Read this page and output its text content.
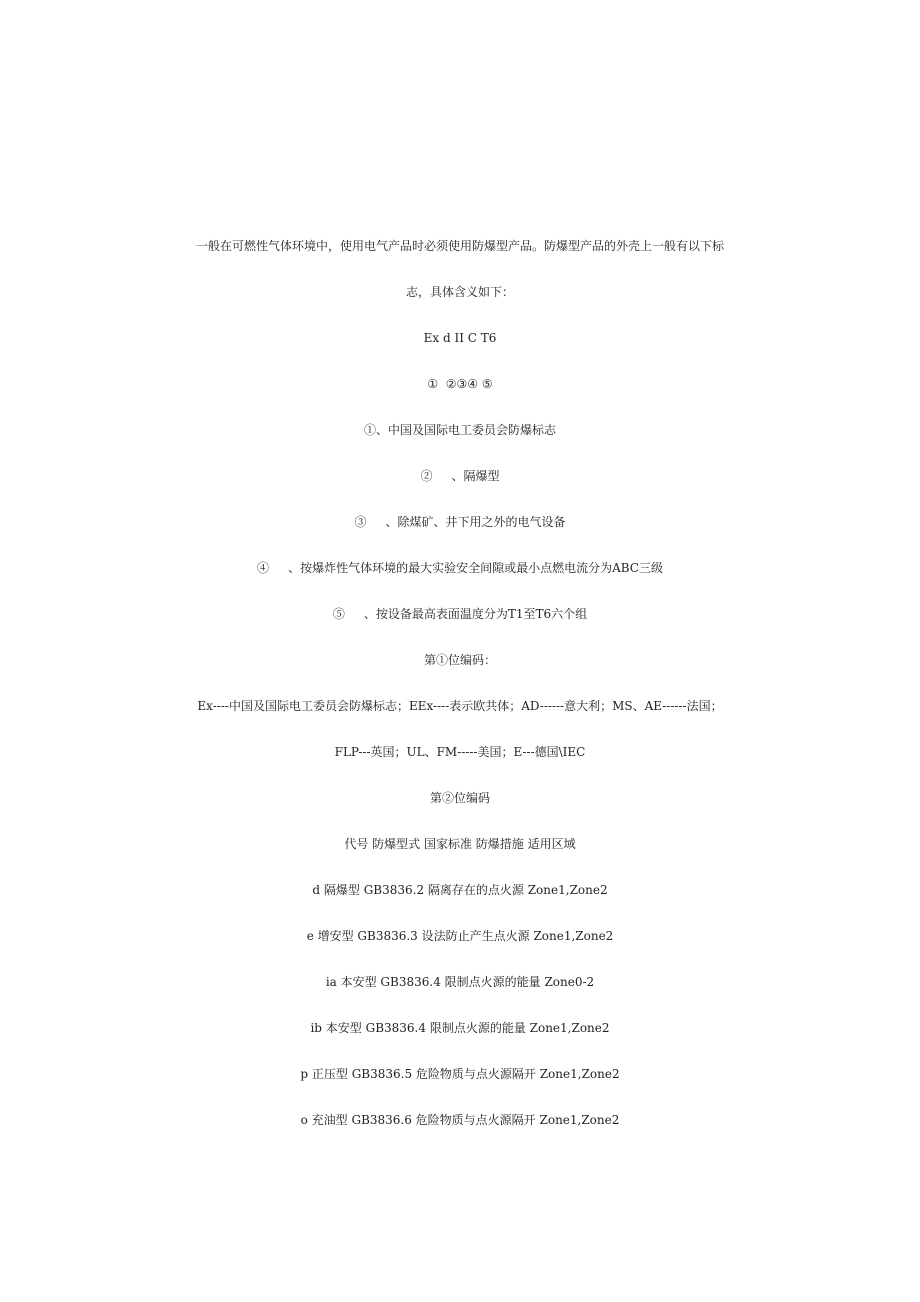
一般在可燃性气体环境中，使用电气产品时必须使用防爆型产品。防爆型产品的外壳上一般有以下标
志，具体含义如下：
Ex d II C T6
①  ②③④ ⑤
①、中国及国际电工委员会防爆标志
②     、隔爆型
③     、除煤矿、井下用之外的电气设备
④     、按爆炸性气体环境的最大实验安全间隙或最小点燃电流分为ABC三级
⑤     、按设备最高表面温度分为T1至T6六个组
第①位编码：
Ex----中国及国际电工委员会防爆标志；EEx----表示欧共体；AD------意大利；MS、AE------法国；
FLP---英国；UL、FM-----美国；E---德国\IEC
第②位编码
代号 防爆型式 国家标准 防爆措施 适用区域
d 隔爆型 GB3836.2 隔离存在的点火源 Zone1,Zone2
e 增安型 GB3836.3 设法防止产生点火源 Zone1,Zone2
ia 本安型 GB3836.4 限制点火源的能量 Zone0-2
ib 本安型 GB3836.4 限制点火源的能量 Zone1,Zone2
p 正压型 GB3836.5 危险物质与点火源隔开 Zone1,Zone2
o 充油型 GB3836.6 危险物质与点火源隔开 Zone1,Zone2
